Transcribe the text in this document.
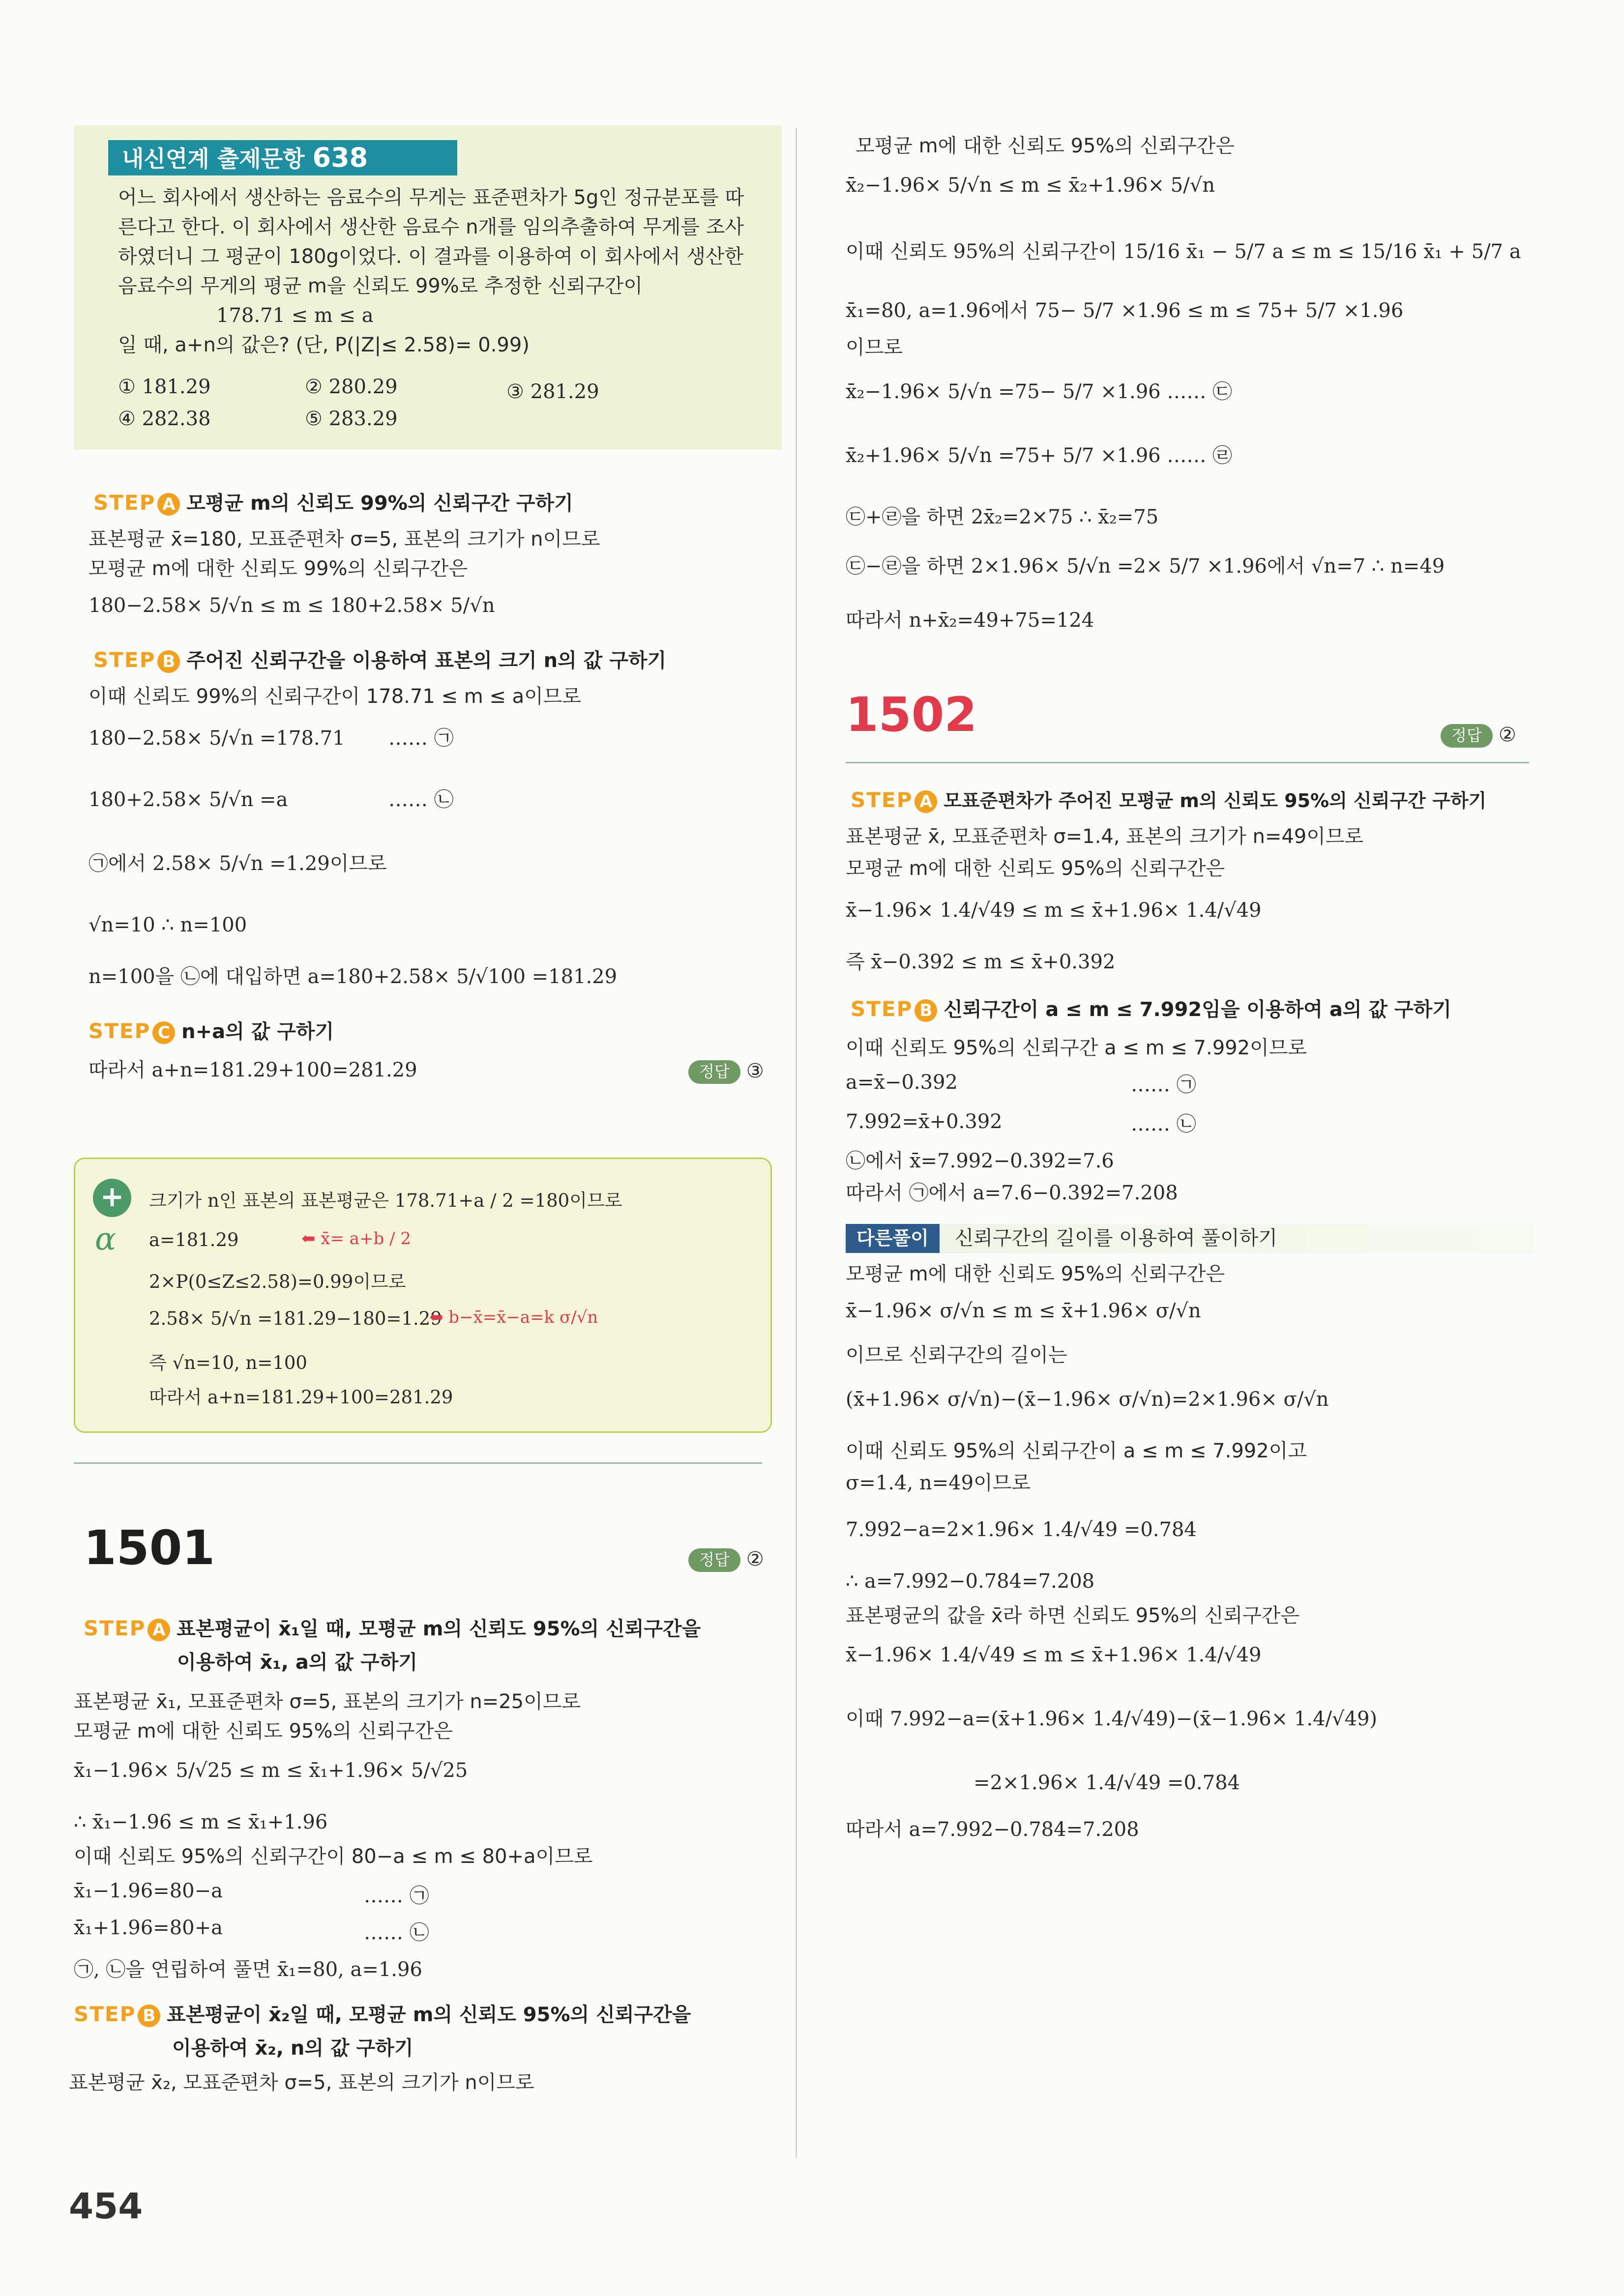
내신연계 출제문항 638
어느 회사에서 생산하는 음료수의 무게는 표준편차가 5g인 정규분포를 따
른다고 한다. 이 회사에서 생산한 음료수 n개를 임의추출하여 무게를 조사
하였더니 그 평균이 180g이었다. 이 결과를 이용하여 이 회사에서 생산한
음료수의 무게의 평균 m을 신뢰도 99%로 추정한 신뢰구간이
178.71 ≤ m ≤ a
일 때, a+n의 값은? (단, P(|Z|≤ 2.58)= 0.99)
① 181.29	② 280.29	③ 281.29
④ 282.38	⑤ 283.29
STEP A 모평균 m의 신뢰도 99%의 신뢰구간 구하기
표본평균 x̄=180, 모표준편차 σ=5, 표본의 크기가 n이므로
모평균 m에 대한 신뢰도 99%의 신뢰구간은
180−2.58× 5/√n ≤ m ≤ 180+2.58× 5/√n
STEP B 주어진 신뢰구간을 이용하여 표본의 크기 n의 값 구하기
이때 신뢰도 99%의 신뢰구간이 178.71 ≤ m ≤ a이므로
180−2.58× 5/√n =178.71 …… ㉠
180+2.58× 5/√n =a	…… ㉡
㉠에서 2.58× 5/√n =1.29이므로
√n=10 ∴ n=100
n=100을 ㉡에 대입하면 a=180+2.58× 5/√100 =181.29
STEP C n+a의 값 구하기
따라서 a+n=181.29+100=281.29	정답 ③
+
α
크기가 n인 표본의 표본평균은 178.71+a / 2 =180이므로
a=181.29	⬅ x̄= a+b / 2
2×P(0≤Z≤2.58)=0.99이므로
2.58× 5/√n =181.29−180=1.29
⬅ b−x̄=x̄−a=k σ/√n
즉 √n=10, n=100
따라서 a+n=181.29+100=281.29
1501	정답 ②
STEP A 표본평균이 x̄₁일 때, 모평균 m의 신뢰도 95%의 신뢰구간을
이용하여 x̄₁, a의 값 구하기
표본평균 x̄₁, 모표준편차 σ=5, 표본의 크기가 n=25이므로
모평균 m에 대한 신뢰도 95%의 신뢰구간은
x̄₁−1.96× 5/√25 ≤ m ≤ x̄₁+1.96× 5/√25
∴ x̄₁−1.96 ≤ m ≤ x̄₁+1.96
이때 신뢰도 95%의 신뢰구간이 80−a ≤ m ≤ 80+a이므로
x̄₁−1.96=80−a	…… ㉠
x̄₁+1.96=80+a	…… ㉡
㉠, ㉡을 연립하여 풀면 x̄₁=80, a=1.96
STEP B 표본평균이 x̄₂일 때, 모평균 m의 신뢰도 95%의 신뢰구간을
이용하여 x̄₂, n의 값 구하기
표본평균 x̄₂, 모표준편차 σ=5, 표본의 크기가 n이므로
454
모평균 m에 대한 신뢰도 95%의 신뢰구간은
x̄₂−1.96× 5/√n ≤ m ≤ x̄₂+1.96× 5/√n
이때 신뢰도 95%의 신뢰구간이 15/16 x̄₁ − 5/7 a ≤ m ≤ 15/16 x̄₁ + 5/7 a
x̄₁=80, a=1.96에서 75− 5/7 ×1.96 ≤ m ≤ 75+ 5/7 ×1.96
이므로
x̄₂−1.96× 5/√n =75− 5/7 ×1.96 …… ㉢
x̄₂+1.96× 5/√n =75+ 5/7 ×1.96 …… ㉣
㉢+㉣을 하면 2x̄₂=2×75 ∴ x̄₂=75
㉢−㉣을 하면 2×1.96× 5/√n =2× 5/7 ×1.96에서 √n=7 ∴ n=49
따라서 n+x̄₂=49+75=124
1502	정답 ②
STEP A 모표준편차가 주어진 모평균 m의 신뢰도 95%의 신뢰구간 구하기
표본평균 x̄, 모표준편차 σ=1.4, 표본의 크기가 n=49이므로
모평균 m에 대한 신뢰도 95%의 신뢰구간은
x̄−1.96× 1.4/√49 ≤ m ≤ x̄+1.96× 1.4/√49
즉 x̄−0.392 ≤ m ≤ x̄+0.392
STEP B 신뢰구간이 a ≤ m ≤ 7.992임을 이용하여 a의 값 구하기
이때 신뢰도 95%의 신뢰구간 a ≤ m ≤ 7.992이므로
a=x̄−0.392	…… ㉠
7.992=x̄+0.392	…… ㉡
㉡에서 x̄=7.992−0.392=7.6
따라서 ㉠에서 a=7.6−0.392=7.208
다른풀이 신뢰구간의 길이를 이용하여 풀이하기
모평균 m에 대한 신뢰도 95%의 신뢰구간은
x̄−1.96× σ/√n ≤ m ≤ x̄+1.96× σ/√n
이므로 신뢰구간의 길이는
(x̄+1.96× σ/√n)−(x̄−1.96× σ/√n)=2×1.96× σ/√n
이때 신뢰도 95%의 신뢰구간이 a ≤ m ≤ 7.992이고
σ=1.4, n=49이므로
7.992−a=2×1.96× 1.4/√49 =0.784
∴ a=7.992−0.784=7.208
표본평균의 값을 x̄라 하면 신뢰도 95%의 신뢰구간은
x̄−1.96× 1.4/√49 ≤ m ≤ x̄+1.96× 1.4/√49
이때 7.992−a=(x̄+1.96× 1.4/√49)−(x̄−1.96× 1.4/√49)
=2×1.96× 1.4/√49 =0.784
따라서 a=7.992−0.784=7.208
